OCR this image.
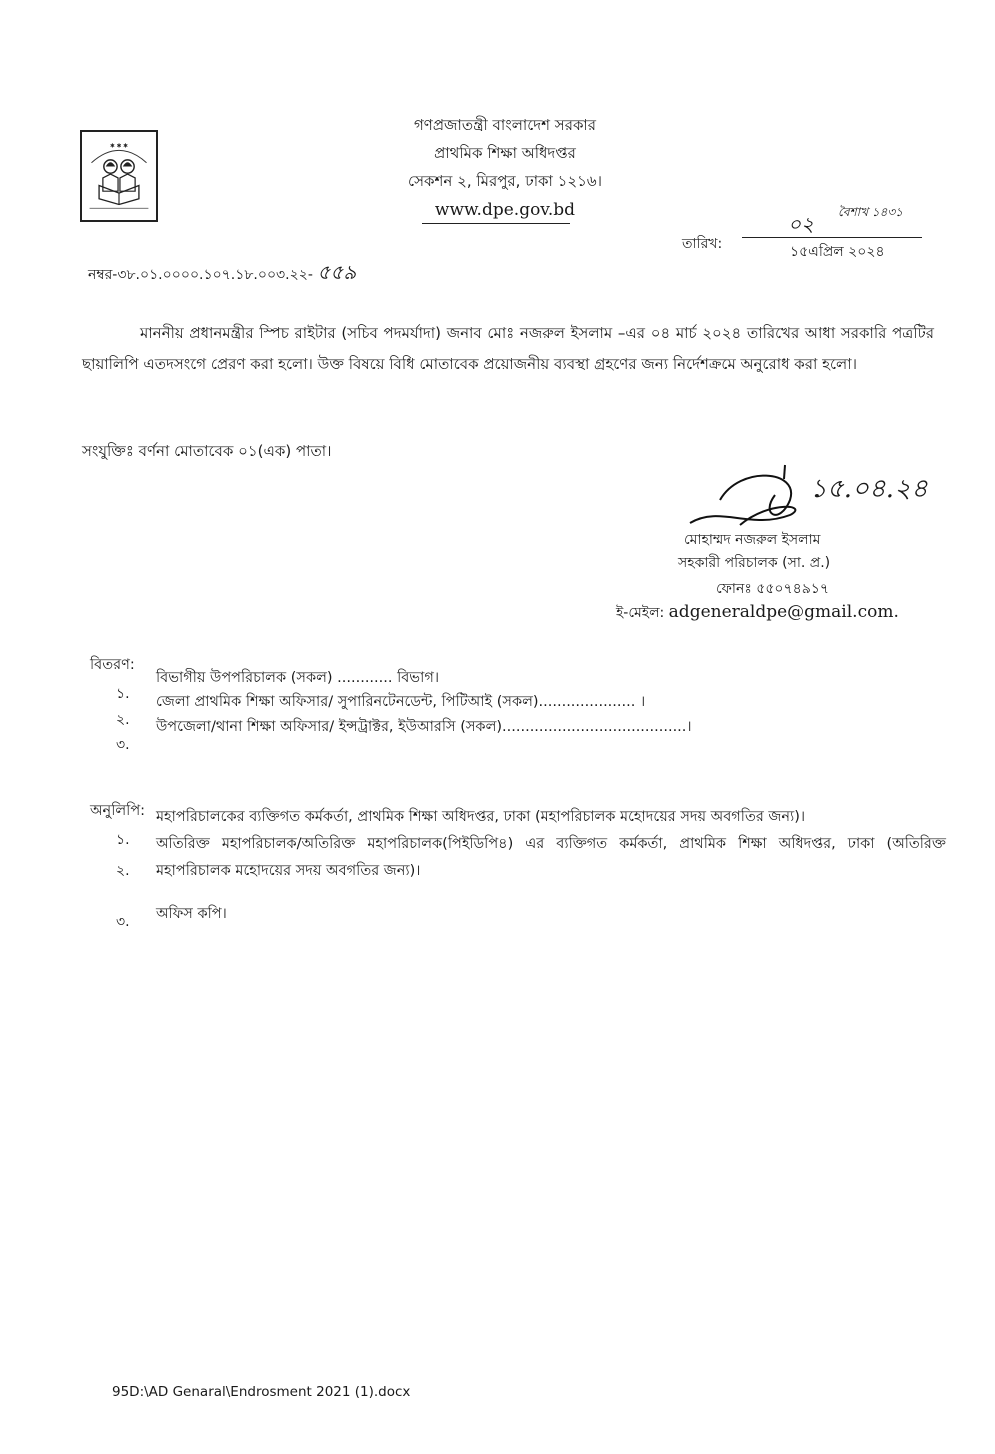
✱ ✱ ✱
গণপ্রজাতন্ত্রী বাংলাদেশ সরকার
প্রাথমিক শিক্ষা অধিদপ্তর
সেকশন ২, মিরপুর, ঢাকা ১২১৬।
www.dpe.gov.bd
তারিখ:
০২ বৈশাখ ১৪৩১
১৫এপ্রিল ২০২৪
নম্বর-৩৮.০১.০০০০.১০৭.১৮.০০৩.২২- ৫৫৯
মাননীয় প্রধানমন্ত্রীর স্পিচ রাইটার (সচিব পদমর্যাদা) জনাব মোঃ নজরুল ইসলাম –এর ০৪ মার্চ ২০২৪ তারিখের আধা সরকারি পত্রটির ছায়ালিপি এতদসংগে প্রেরণ করা হলো। উক্ত বিষয়ে বিধি মোতাবেক প্রয়োজনীয় ব্যবস্থা গ্রহণের জন্য নির্দেশক্রমে অনুরোধ করা হলো।
সংযুক্তিঃ বর্ণনা মোতাবেক ০১(এক) পাতা।
১৫.০৪.২৪
মোহাম্মদ নজরুল ইসলাম
সহকারী পরিচালক (সা. প্র.)
ফোনঃ ৫৫০৭৪৯১৭
ই-মেইল: adgeneraldpe@gmail.com.
বিতরণ:
১.
বিভাগীয় উপপরিচালক (সকল) ............ বিভাগ।
২.
জেলা প্রাথমিক শিক্ষা অফিসার/ সুপারিনটেনডেন্ট, পিটিআই (সকল)..................... ।
৩.
উপজেলা/থানা শিক্ষা অফিসার/ ইন্সট্রাক্টর, ইউআরসি (সকল)........................................।
অনুলিপি:
১.
মহাপরিচালকের ব্যক্তিগত কর্মকর্তা, প্রাথমিক শিক্ষা অধিদপ্তর, ঢাকা (মহাপরিচালক মহোদয়ের সদয় অবগতির জন্য)।
২.
অতিরিক্ত মহাপরিচালক/অতিরিক্ত মহাপরিচালক(পিইডিপি৪) এর ব্যক্তিগত কর্মকর্তা, প্রাথমিক শিক্ষা অধিদপ্তর, ঢাকা (অতিরিক্ত মহাপরিচালক মহোদয়ের সদয় অবগতির জন্য)।
৩.	অফিস কপি।
95D:\AD Genaral\Endrosment 2021 (1).docx
